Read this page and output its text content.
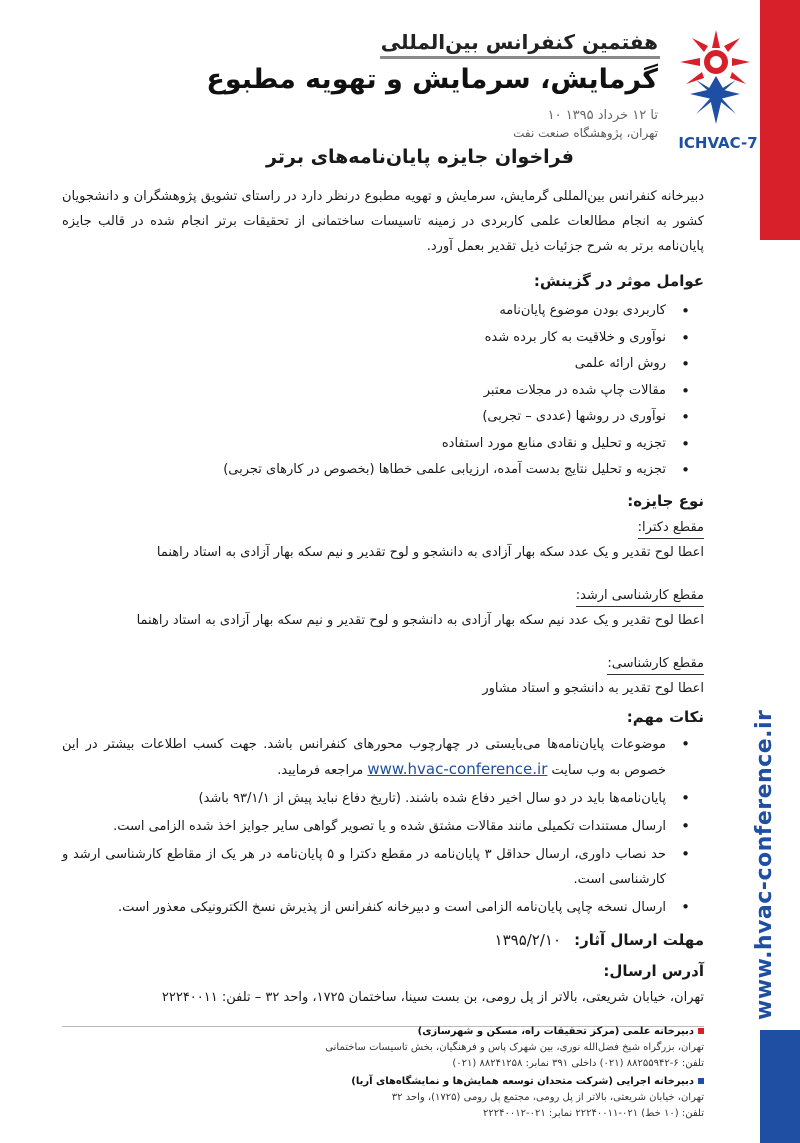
www.hvac-conference.ir
ICHVAC-7
هفتمین کنفرانس بین‌المللی
گرمایش، سرمایش و تهویه مطبوع
۱۰ تا ۱۲ خرداد ۱۳۹۵
تهران، پژوهشگاه صنعت نفت
فراخوان جایزه پایان‌نامه‌های برتر
دبیرخانه کنفرانس بین‌المللی گرمایش، سرمایش و تهویه مطبوع درنظر دارد در راستای تشویق پژوهشگران و دانشجویان کشور به انجام مطالعات علمی کاربردی در زمینه تاسیسات ساختمانی از تحقیقات برتر انجام شده در قالب جایزه پایان‌نامه برتر به شرح جزئیات ذیل تقدیر بعمل آورد.
عوامل موثر در گزینش:
• کاربردی بودن موضوع پایان‌نامه
• نوآوری و خلاقیت به کار برده شده
• روش ارائه علمی
• مقالات چاپ شده در مجلات معتبر
• نوآوری در روشها (عددی – تجربی)
• تجزیه و تحلیل و نقادی منابع مورد استفاده
• تجزیه و تحلیل نتایج بدست آمده، ارزیابی علمی خطاها (بخصوص در کارهای تجربی)
نوع جایزه:
مقطع دکترا:
اعطا لوح تقدیر و یک عدد سکه بهار آزادی به دانشجو و لوح تقدیر و نیم سکه بهار آزادی به استاد راهنما
مقطع کارشناسی ارشد:
اعطا لوح تقدیر و یک عدد نیم سکه بهار آزادی به دانشجو و لوح تقدیر و نیم سکه بهار آزادی به استاد راهنما
مقطع کارشناسی:
اعطا لوح تقدیر به دانشجو و استاد مشاور
نکات مهم:
• موضوعات پایان‌نامه‌ها می‌بایستی در چهارچوب محورهای کنفرانس باشد. جهت کسب اطلاعات بیشتر در این خصوص به وب سایت www.hvac-conference.ir مراجعه فرمایید.
• پایان‌نامه‌ها باید در دو سال اخیر دفاع شده باشند. (تاریخ دفاع نباید پیش از ۹۳/۱/۱ باشد)
• ارسال مستندات تکمیلی مانند مقالات مشتق شده و یا تصویر گواهی سایر جوایز اخذ شده الزامی است.
• حد نصاب داوری، ارسال حداقل ۳ پایان‌نامه در مقطع دکترا و ۵ پایان‌نامه در هر یک از مقاطع کارشناسی ارشد و کارشناسی است.
• ارسال نسخه چاپی پایان‌نامه الزامی است و دبیرخانه کنفرانس از پذیرش نسخ الکترونیکی معذور است.
مهلت ارسال آثار: ۱۳۹۵/۲/۱۰
آدرس ارسال:
تهران، خیابان شریعتی، بالاتر از پل رومی، بن بست سینا، ساختمان ۱۷۲۵، واحد ۳۲ – تلفن: ۲۲۲۴۰۰۱۱
دبیرخانه علمی (مرکز تحقیقات راه، مسکن و شهرسازی)
تهران، بزرگراه شیخ فضل‌الله نوری، بین شهرک پاس و فرهنگیان، بخش تاسیسات ساختمانی
تلفن: ۶-۸۸۲۵۵۹۴۲ (۰۲۱) داخلی ۳۹۱ نمابر: ۸۸۲۴۱۲۵۸ (۰۲۱)
دبیرخانه اجرایی (شرکت متحدان توسعه همایش‌ها و نمایشگاه‌های آریا)
تهران، خیابان شریعتی، بالاتر از پل رومی، مجتمع پل رومی (۱۷۲۵)، واحد ۳۲
تلفن: (۱۰ خط) ۰۲۱-۲۲۲۴۰۰۱۱ نمابر: ۰۲۱-۲۲۲۴۰۰۱۲
